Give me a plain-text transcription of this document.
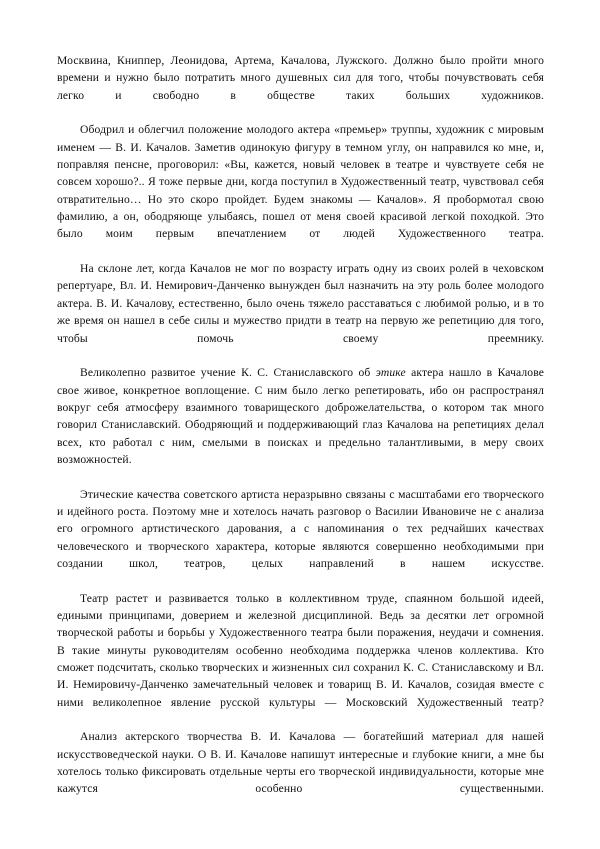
Москвина, Книппер, Леонидова, Артема, Качалова, Лужского. Должно было пройти много времени и нужно было потратить много душевных сил для того, чтобы почувствовать себя легко и свободно в обществе таких больших художников.

Ободрил и облегчил положение молодого актера «премьер» труппы, художник с мировым именем — В. И. Качалов. Заметив одинокую фигуру в темном углу, он направился ко мне, и, поправляя пенсне, проговорил: «Вы, кажется, новый человек в театре и чувствуете себя не совсем хорошо?.. Я тоже первые дни, когда поступил в Художественный театр, чувствовал себя отвратительно… Но это скоро пройдет. Будем знакомы — Качалов». Я пробормотал свою фамилию, а он, ободряюще улыбаясь, пошел от меня своей красивой легкой походкой. Это было моим первым впечатлением от людей Художественного театра.

На склоне лет, когда Качалов не мог по возрасту играть одну из своих ролей в чеховском репертуаре, Вл. И. Немирович-Данченко вынужден был назначить на эту роль более молодого актера. В. И. Качалову, естественно, было очень тяжело расставаться с любимой ролью, и в то же время он нашел в себе силы и мужество придти в театр на первую же репетицию для того, чтобы помочь своему преемнику.

Великолепно развитое учение К. С. Станиславского об этике актера нашло в Качалове свое живое, конкретное воплощение. С ним было легко репетировать, ибо он распространял вокруг себя атмосферу взаимного товарищеского доброжелательства, о котором так много говорил Станиславский. Ободряющий и поддерживающий глаз Качалова на репетициях делал всех, кто работал с ним, смелыми в поисках и предельно талантливыми, в меру своих возможностей.

Этические качества советского артиста неразрывно связаны с масштабами его творческого и идейного роста. Поэтому мне и хотелось начать разговор о Василии Ивановиче не с анализа его огромного артистического дарования, а с напоминания о тех редчайших качествах человеческого и творческого характера, которые являются совершенно необходимыми при создании школ, театров, целых направлений в нашем искусстве.

Театр растет и развивается только в коллективном труде, спаянном большой идеей, едиными принципами, доверием и железной дисциплиной. Ведь за десятки лет огромной творческой работы и борьбы у Художественного театра были поражения, неудачи и сомнения. В такие минуты руководителям особенно необходима поддержка членов коллектива. Кто сможет подсчитать, сколько творческих и жизненных сил сохранил К. С. Станиславскому и Вл. И. Немировичу-Данченко замечательный человек и товарищ В. И. Качалов, созидая вместе с ними великолепное явление русской культуры — Московский Художественный театр?

Анализ актерского творчества В. И. Качалова — богатейший материал для нашей искусствоведческой науки. О В. И. Качалове напишут интересные и глубокие книги, а мне бы хотелось только фиксировать отдельные черты его творческой индивидуальности, которые мне кажутся особенно существенными.
